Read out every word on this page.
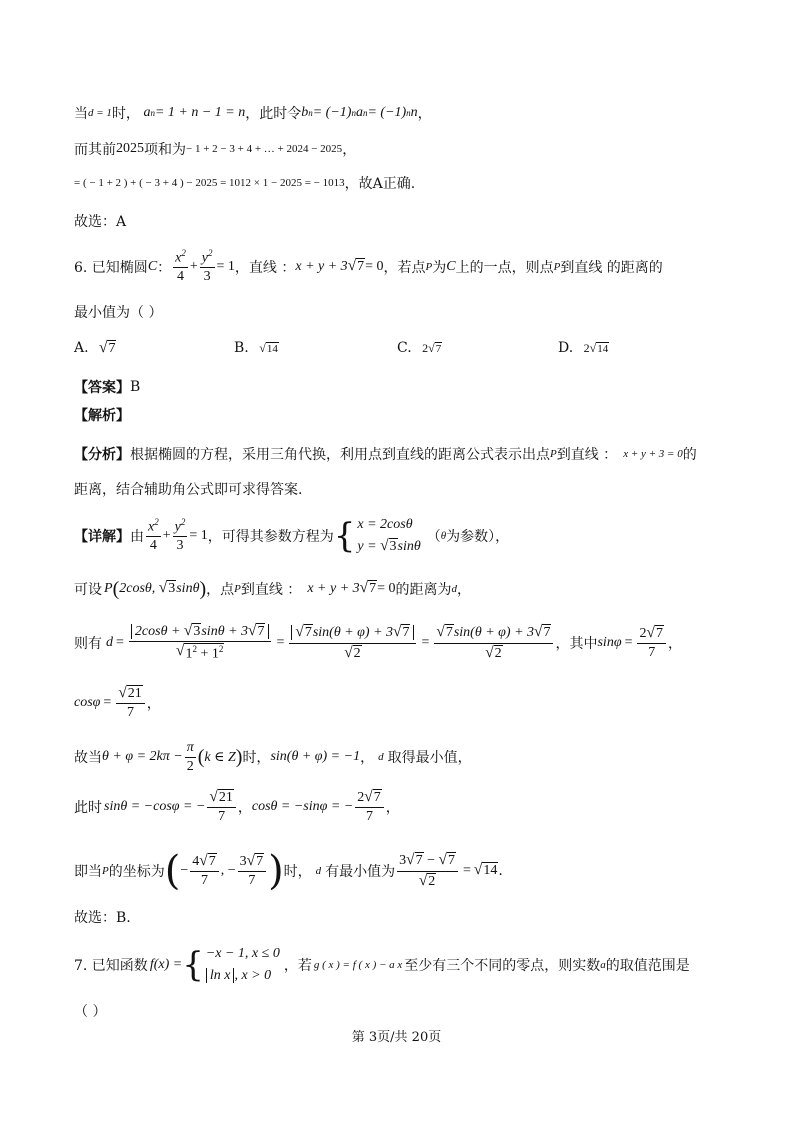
当 d = 1 时，
a n = 1 + n − 1 = n ，此时令 b n = (−1) n a n = (−1) n n ，
而其前 2025 项和为 − 1 + 2 − 3 + 4 + … + 2024 − 2025 ，
= ( − 1 + 2 ) + ( − 3 + 4 ) − 2025 = 1012 × 1 − 2025 = − 1013 ，故A正确.
故选：A
6. 已知椭圆 C ： $\frac{x^2}{4} + \frac{y^2}{3} = 1$ ，直线 ： x + y + 3 √ 7 = 0 ，若点 P 为 C 上的一点，则点 P 到直线 的距离的
最小值为（ ）
A. √ 7	B. √ 14	C. 2 √ 7	D. 2 √ 14
【答案】 B
【解析】
【分析】 根据椭圆的方程，采用三角代换，利用点到直线的距离公式表示出点 P 到直线 ： x + y + 3 = 0 的
距离，结合辅助角公式即可求得答案.
【详解】 由 $\frac{x^2}{4} + \frac{y^2}{3} = 1$ ，可得其参数方程为 { x = 2cosθ
y = √ 3 sinθ
（ θ 为参数），
可设 P ( 2cosθ, √ 3 sinθ ) ，点 P 到直线 ： x + y + 3 √ 7 = 0 的距离为 d ，
则有 $d = \frac{2\cos\theta + √ 3 \sin\theta + 3 √ 7}{√ 1^2 + 1^2} = \frac{√ 7 \sin(\theta + \varphi) + 3 √ 7}{√ 2} = \frac{√ 7 \sin(\theta + \varphi) + 3 √ 7}{√ 2}$ ，其中 $\sin\varphi = \frac{2 √ 7}{7}$ ，
$\cos\varphi = \frac{√ 21}{7}$ ，
故当 $\theta + \varphi = 2k\pi - \frac{\pi}{2}$ ( k ∈ Z ) 时， sin(θ + φ) = −1 ， d 取得最小值，
此时 sinθ = −cosφ = − $\frac{√ 21}{7}$ ， cosθ = −sinφ = − $\frac{2 √ 7}{7}$ ，
即当 P 的坐标为 ( − $\frac{4 √ 7}{7}$ , − $\frac{3 √ 7}{7}$ ) 时， d 有最小值为 $\frac{3 √ 7 - √ 7}{√ 2}$ = √ 14 .
故选：B.
7. 已知函数 f(x) = { −x − 1, x ≤ 0
ln x , x > 0
，若 g ( x ) = f ( x ) − a x 至少有三个不同的零点，则实数 a 的取值范围是
（ ）
第 3页/共 20页
